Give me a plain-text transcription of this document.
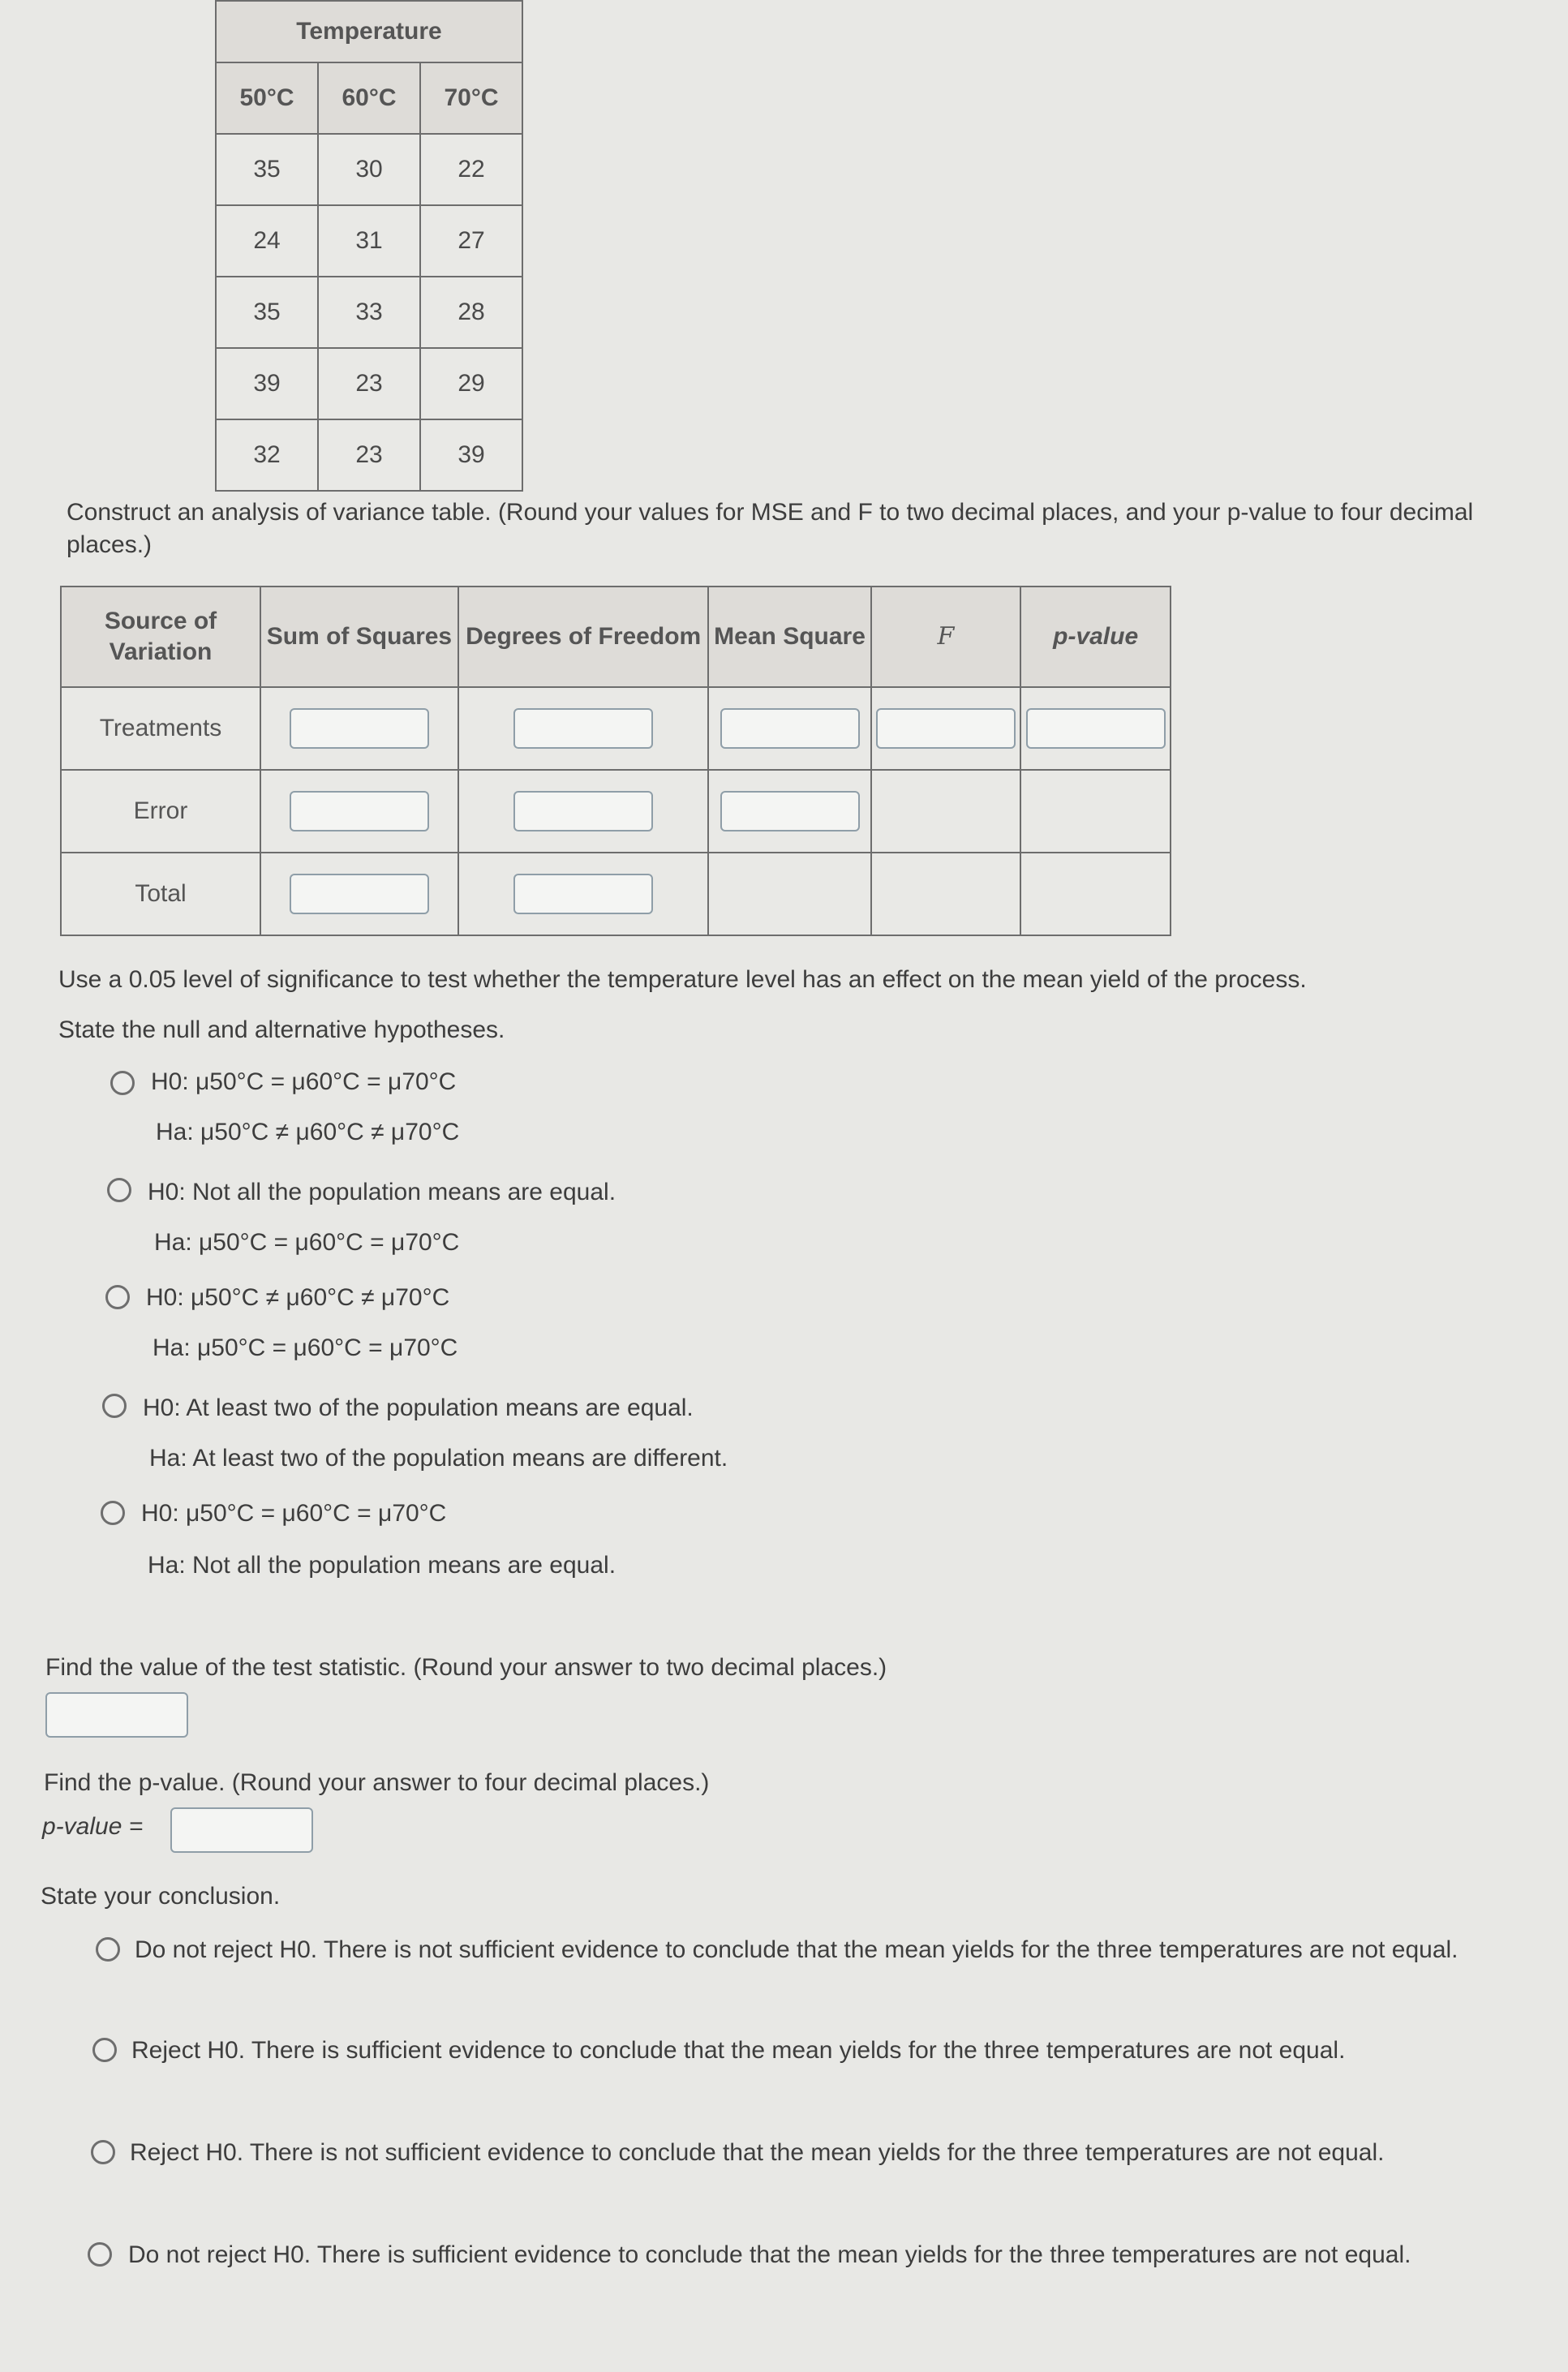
Temperature		
50°C	60°C	70°C
35	30	22
24	31	27
35	33	28
39	23	29
32	23	39
Construct an analysis of variance table. (Round your values for MSE and F to two decimal places, and your p-value to four decimal places.)
Source of Variation	Sum of Squares	Degrees of Freedom	Mean Square	F	p-value
Treatments					
Error					
Total					
Use a 0.05 level of significance to test whether the temperature level has an effect on the mean yield of the process.
State the null and alternative hypotheses.
H0: μ50°C = μ60°C = μ70°C
Ha: μ50°C ≠ μ60°C ≠ μ70°C
H0: Not all the population means are equal.
Ha: μ50°C = μ60°C = μ70°C
H0: μ50°C ≠ μ60°C ≠ μ70°C
Ha: μ50°C = μ60°C = μ70°C
H0: At least two of the population means are equal.
Ha: At least two of the population means are different.
H0: μ50°C = μ60°C = μ70°C
Ha: Not all the population means are equal.
Find the value of the test statistic. (Round your answer to two decimal places.)
Find the p-value. (Round your answer to four decimal places.)
p-value =
State your conclusion.
Do not reject H0. There is not sufficient evidence to conclude that the mean yields for the three temperatures are not equal.
Reject H0. There is sufficient evidence to conclude that the mean yields for the three temperatures are not equal.
Reject H0. There is not sufficient evidence to conclude that the mean yields for the three temperatures are not equal.
Do not reject H0. There is sufficient evidence to conclude that the mean yields for the three temperatures are not equal.
